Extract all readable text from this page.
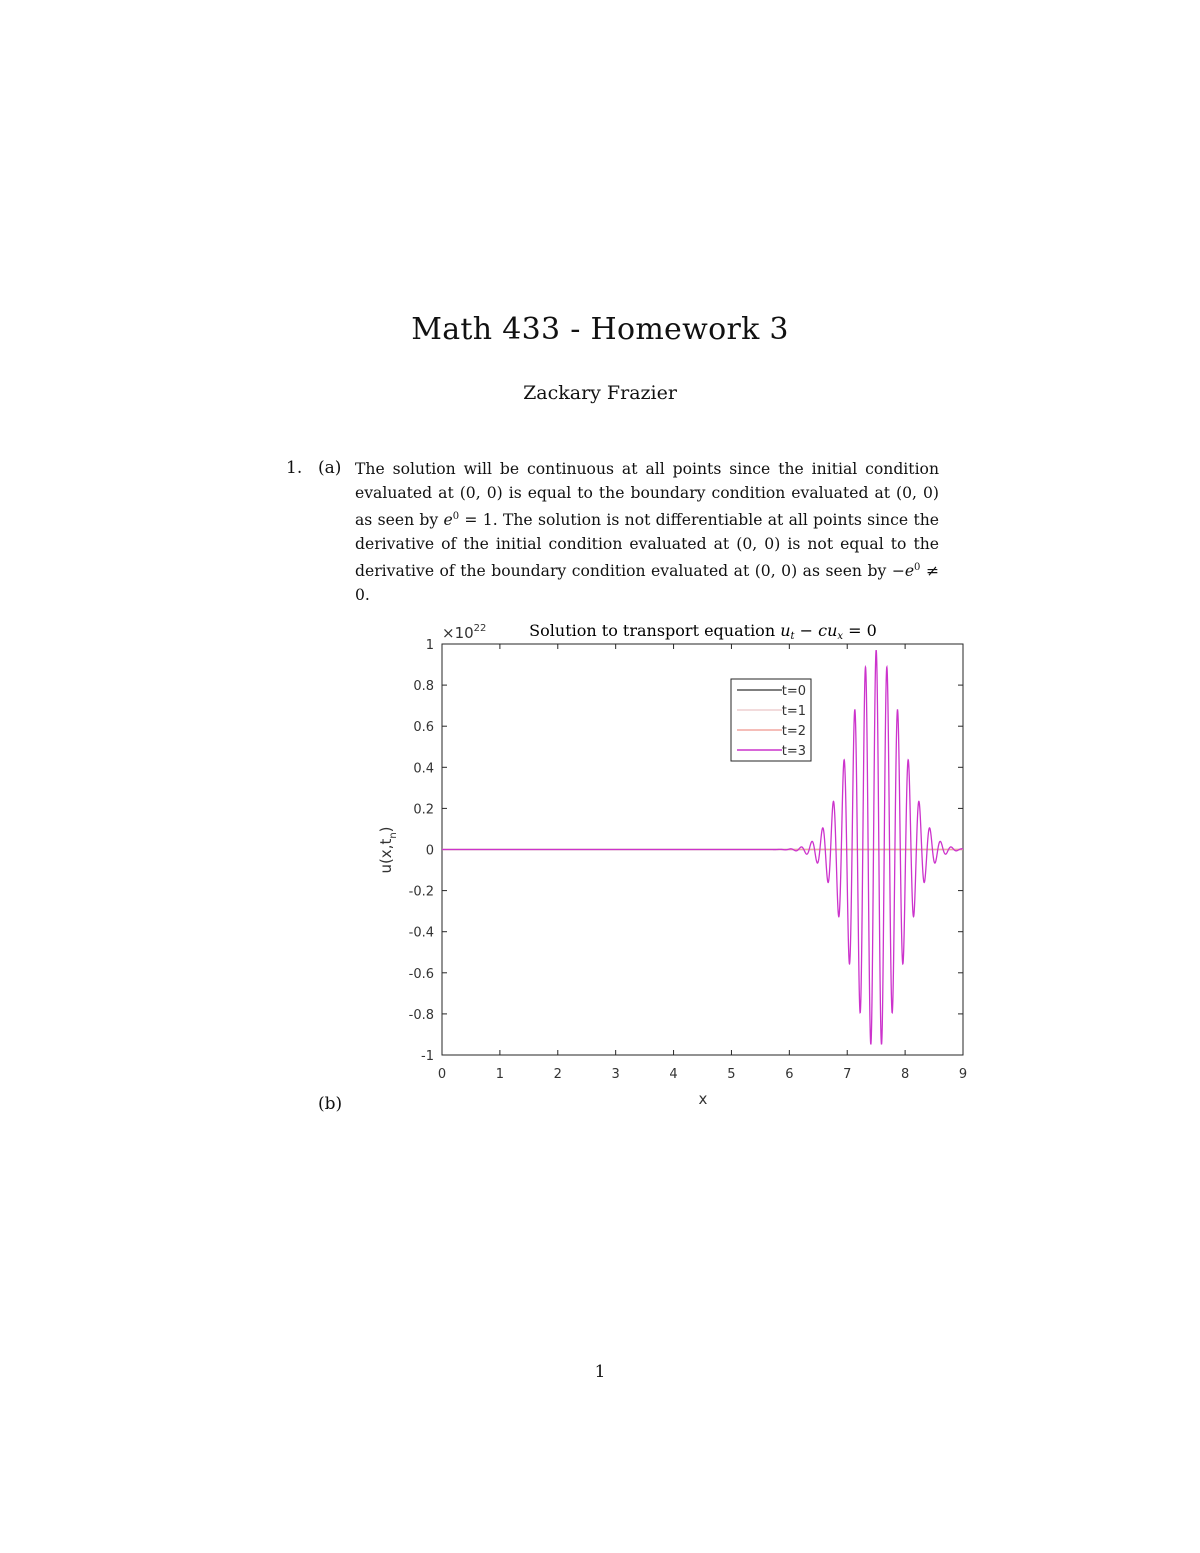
Math 433 - Homework 3
Zackary Frazier
1. (a) The solution will be continuous at all points since the initial condition evaluated at (0, 0) is equal to the boundary condition evaluated at (0, 0) as seen by $e^0 = 1$. The solution is not differentiable at all points since the derivative of the initial condition evaluated at (0, 0) is not equal to the derivative of the boundary condition evaluated at (0, 0) as seen by $-e^0 \ne 0$.
Solution to transport equation ut − cux = 0
$\times 10^{22}$
0	1	2	3	4	5	6	7	8	9
1
0.8
0.6
0.4
0.2
0
-0.2
-0.4
-0.6
-0.8
-1
x
$u(x,t_n)$
t=0
t=1
t=2
t=3
(b)
1
